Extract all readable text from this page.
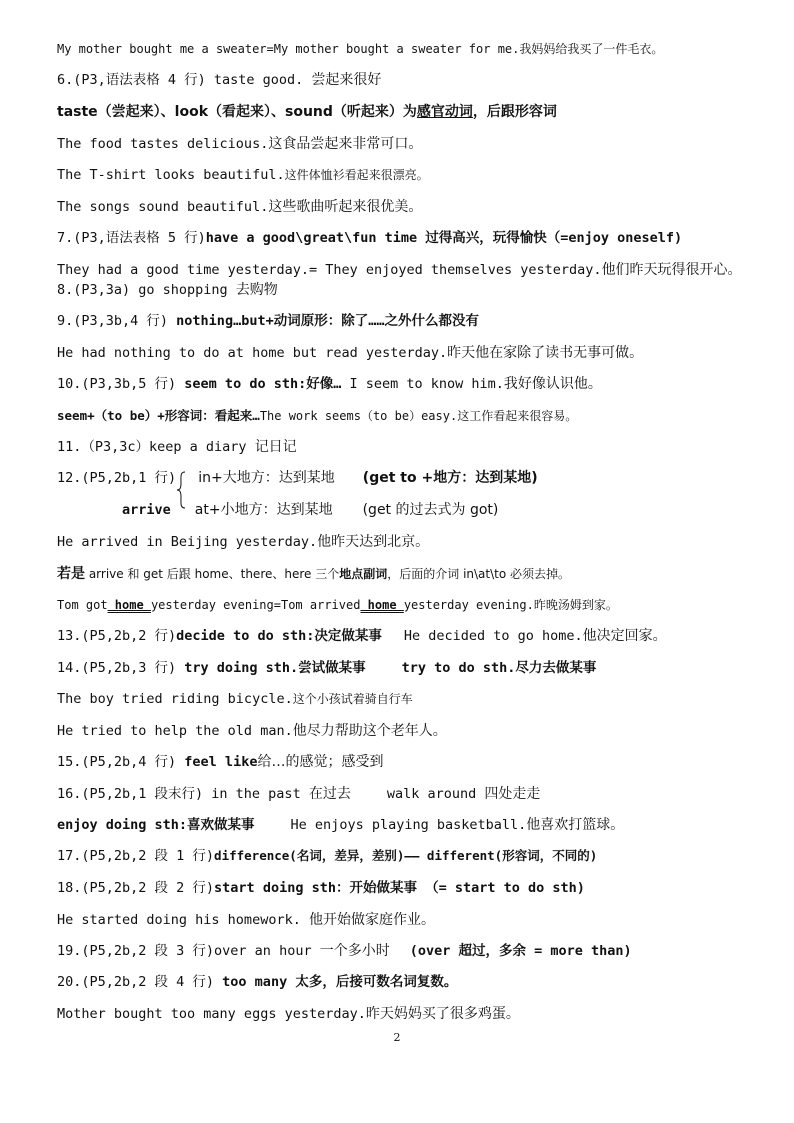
My mother bought me a sweater=My mother bought a sweater for me.我妈妈给我买了一件毛衣。
6.(P3,语法表格 4 行) taste good. 尝起来很好
taste（尝起来）、look（看起来）、sound（听起来）为感官动词，后跟形容词
The food tastes delicious.这食品尝起来非常可口。
The T-shirt looks beautiful.这件体恤衫看起来很漂亮。
The songs sound beautiful.这些歌曲听起来很优美。
7.(P3,语法表格 5 行)have a good\great\fun time 过得高兴，玩得愉快（=enjoy oneself)
They had a good time yesterday.= They enjoyed themselves yesterday.他们昨天玩得很开心。
8.(P3,3a) go shopping 去购物
9.(P3,3b,4 行) nothing…but+动词原形：除了……之外什么都没有
He had nothing to do at home but read yesterday.昨天他在家除了读书无事可做。
10.(P3,3b,5 行) seem to do sth:好像… I seem to know him.我好像认识他。
seem+（to be）+形容词：看起来…The work seems（to be）easy.这工作看起来很容易。
11.（P3,3c）keep a diary 记日记
12.(P5,2b,1 行) in+大地方：达到某地 (get to +地方：达到某地)
arrive at+小地方：达到某地 (get 的过去式为 got)
He arrived in Beijing yesterday.他昨天达到北京。
若是 arrive 和 get 后跟 home、there、here 三个地点副词，后面的介词 in\at\to 必须去掉。
Tom got home yesterday evening=Tom arrived home yesterday evening.昨晚汤姆到家。
13.(P5,2b,2 行)decide to do sth:决定做某事 He decided to go home.他决定回家。
14.(P5,2b,3 行) try doing sth.尝试做某事	try to do sth.尽力去做某事
The boy tried riding bicycle.这个小孩试着骑自行车
He tried to help the old man.他尽力帮助这个老年人。
15.(P5,2b,4 行) feel like给…的感觉；感受到
16.(P5,2b,1 段末行) in the past 在过去	walk around 四处走走
enjoy doing sth:喜欢做某事	He enjoys playing basketball.他喜欢打篮球。
17.(P5,2b,2 段 1 行)difference(名词，差异，差别)—— different(形容词，不同的)
18.(P5,2b,2 段 2 行)start doing sth：开始做某事 （= start to do sth)
He started doing his homework. 他开始做家庭作业。
19.(P5,2b,2 段 3 行)over an hour 一个多小时 (over 超过，多余 = more than)
20.(P5,2b,2 段 4 行) too many 太多，后接可数名词复数。
Mother bought too many eggs yesterday.昨天妈妈买了很多鸡蛋。
2
